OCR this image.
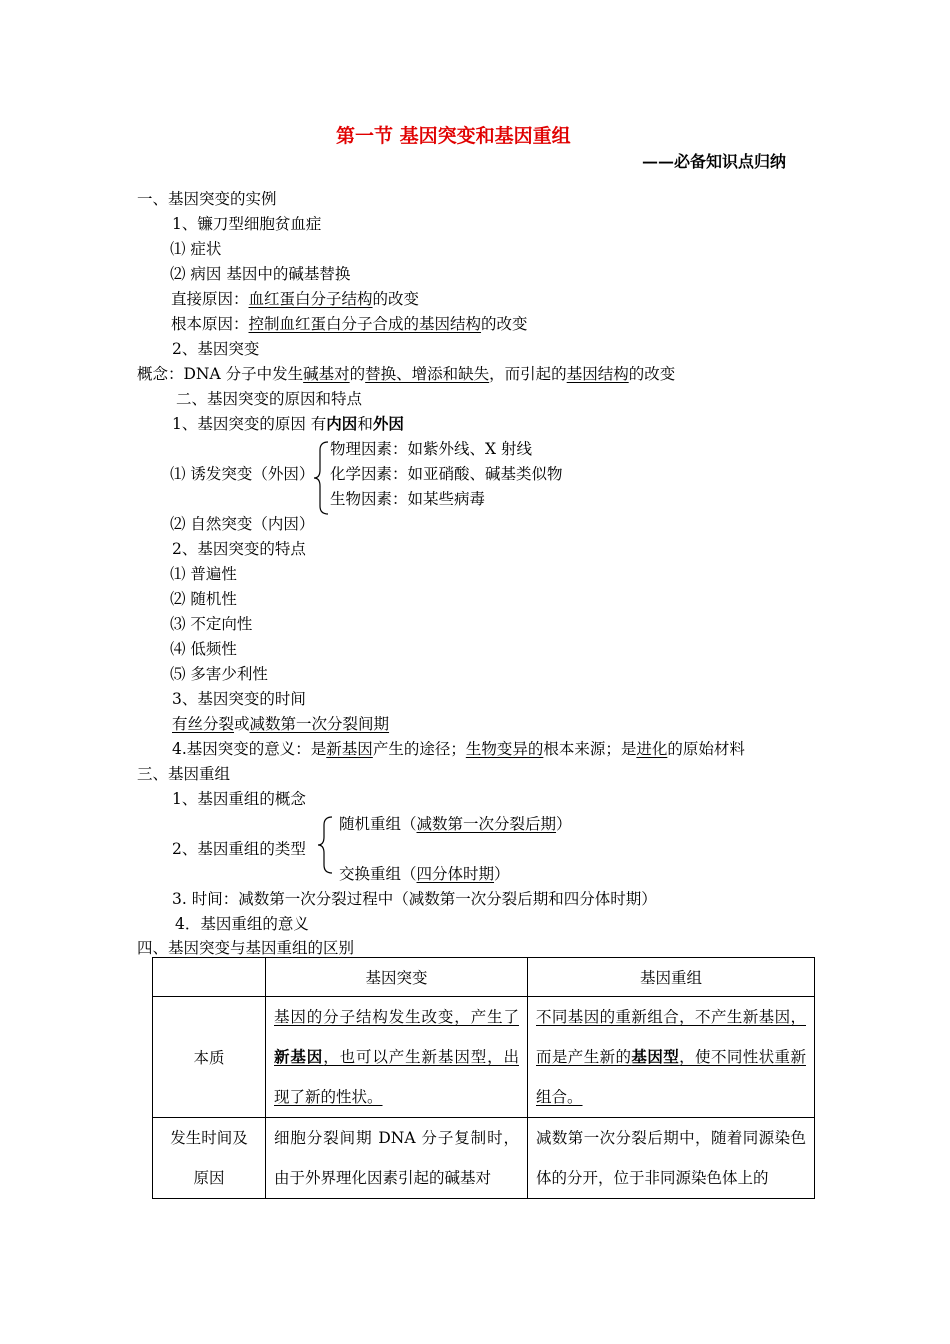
第一节 基因突变和基因重组
——必备知识点归纳
一、基因突变的实例
1、镰刀型细胞贫血症
⑴ 症状
⑵ 病因 基因中的碱基替换
直接原因：血红蛋白分子结构的改变
根本原因：控制血红蛋白分子合成的基因结构的改变
2、基因突变
概念：DNA 分子中发生碱基对的替换、增添和缺失，而引起的基因结构的改变
二、基因突变的原因和特点
1、基因突变的原因 有内因和外因
物理因素：如紫外线、X 射线
⑴ 诱发突变（外因） 化学因素：如亚硝酸、碱基类似物
生物因素：如某些病毒
⑵ 自然突变（内因）
2、基因突变的特点
⑴ 普遍性
⑵ 随机性
⑶ 不定向性
⑷ 低频性
⑸ 多害少利性
3、基因突变的时间
有丝分裂或减数第一次分裂间期
4.基因突变的意义：是新基因产生的途径；生物变异的根本来源；是进化的原始材料
三、基因重组
1、基因重组的概念
随机重组（减数第一次分裂后期）
2、基因重组的类型
交换重组（四分体时期）
3. 时间：减数第一次分裂过程中（减数第一次分裂后期和四分体时期）
4．基因重组的意义
四、基因突变与基因重组的区别
	基因突变	基因重组
本质	基因的分子结构发生改变，产生了新基因，也可以产生新基因型，出现了新的性状。	不同基因的重新组合，不产生新基因，而是产生新的基因型，使不同性状重新组合。
发生时间及原因	细胞分裂间期 DNA 分子复制时，由于外界理化因素引起的碱基对	减数第一次分裂后期中，随着同源染色体的分开，位于非同源染色体上的
